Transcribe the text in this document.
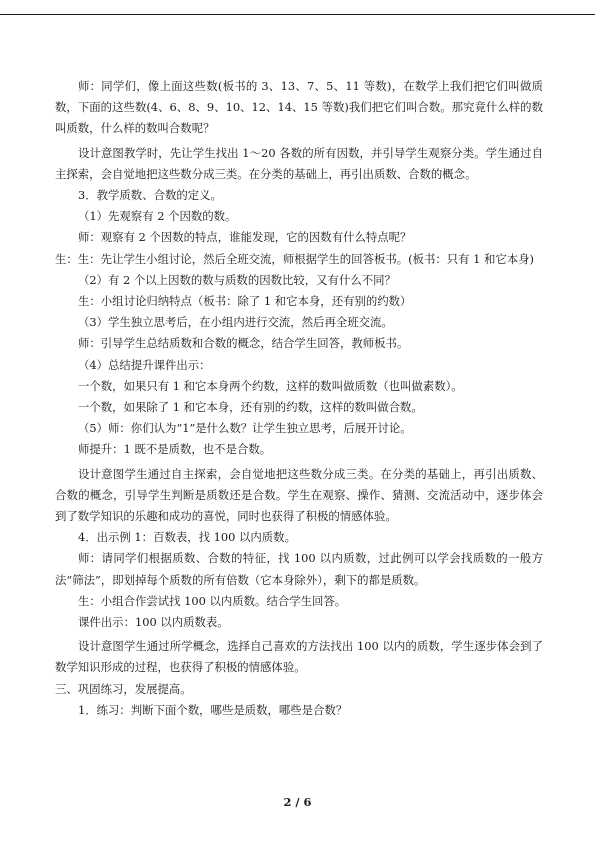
师：同学们，像上面这些数(板书的 3、13、7、5、11 等数)，在数学上我们把它们叫做质数，下面的这些数(4、6、8、9、10、12、14、15 等数)我们把它们叫合数。那究竟什么样的数叫质数，什么样的数叫合数呢？

设计意图教学时，先让学生找出 1～20 各数的所有因数，并引导学生观察分类。学生通过自主探索，会自觉地把这些数分成三类。在分类的基础上，再引出质数、合数的概念。

3．教学质数、合数的定义。

（1）先观察有 2 个因数的数。

师：观察有 2 个因数的特点，谁能发现，它的因数有什么特点呢？

生：生：先让学生小组讨论，然后全班交流，师根据学生的回答板书。(板书：只有 1 和它本身)

（2）有 2 个以上因数的数与质数的因数比较，又有什么不同？

生：小组讨论归纳特点（板书：除了 1 和它本身，还有别的约数）

（3）学生独立思考后，在小组内进行交流，然后再全班交流。

师：引导学生总结质数和合数的概念，结合学生回答，教师板书。

（4）总结提升课件出示：

一个数，如果只有 1 和它本身两个约数，这样的数叫做质数（也叫做素数）。

一个数，如果除了 1 和它本身，还有别的约数，这样的数叫做合数。

（5）师：你们认为“1”是什么数？让学生独立思考，后展开讨论。

师提升：1 既不是质数，也不是合数。

设计意图学生通过自主探索，会自觉地把这些数分成三类。在分类的基础上，再引出质数、合数的概念，引导学生判断是质数还是合数。学生在观察、操作、猜测、交流活动中，逐步体会到了数学知识的乐趣和成功的喜悦，同时也获得了积极的情感体验。

4．出示例 1：百数表，找 100 以内质数。

师：请同学们根据质数、合数的特征，找 100 以内质数，过此例可以学会找质数的一般方法“筛法”，即划掉每个质数的所有倍数（它本身除外），剩下的都是质数。

生：小组合作尝试找 100 以内质数。结合学生回答。

课件出示：100 以内质数表。

设计意图学生通过所学概念，选择自己喜欢的方法找出 100 以内的质数，学生逐步体会到了数学知识形成的过程，也获得了积极的情感体验。

三、巩固练习，发展提高。

1．练习：判断下面个数，哪些是质数，哪些是合数？

2 / 6
